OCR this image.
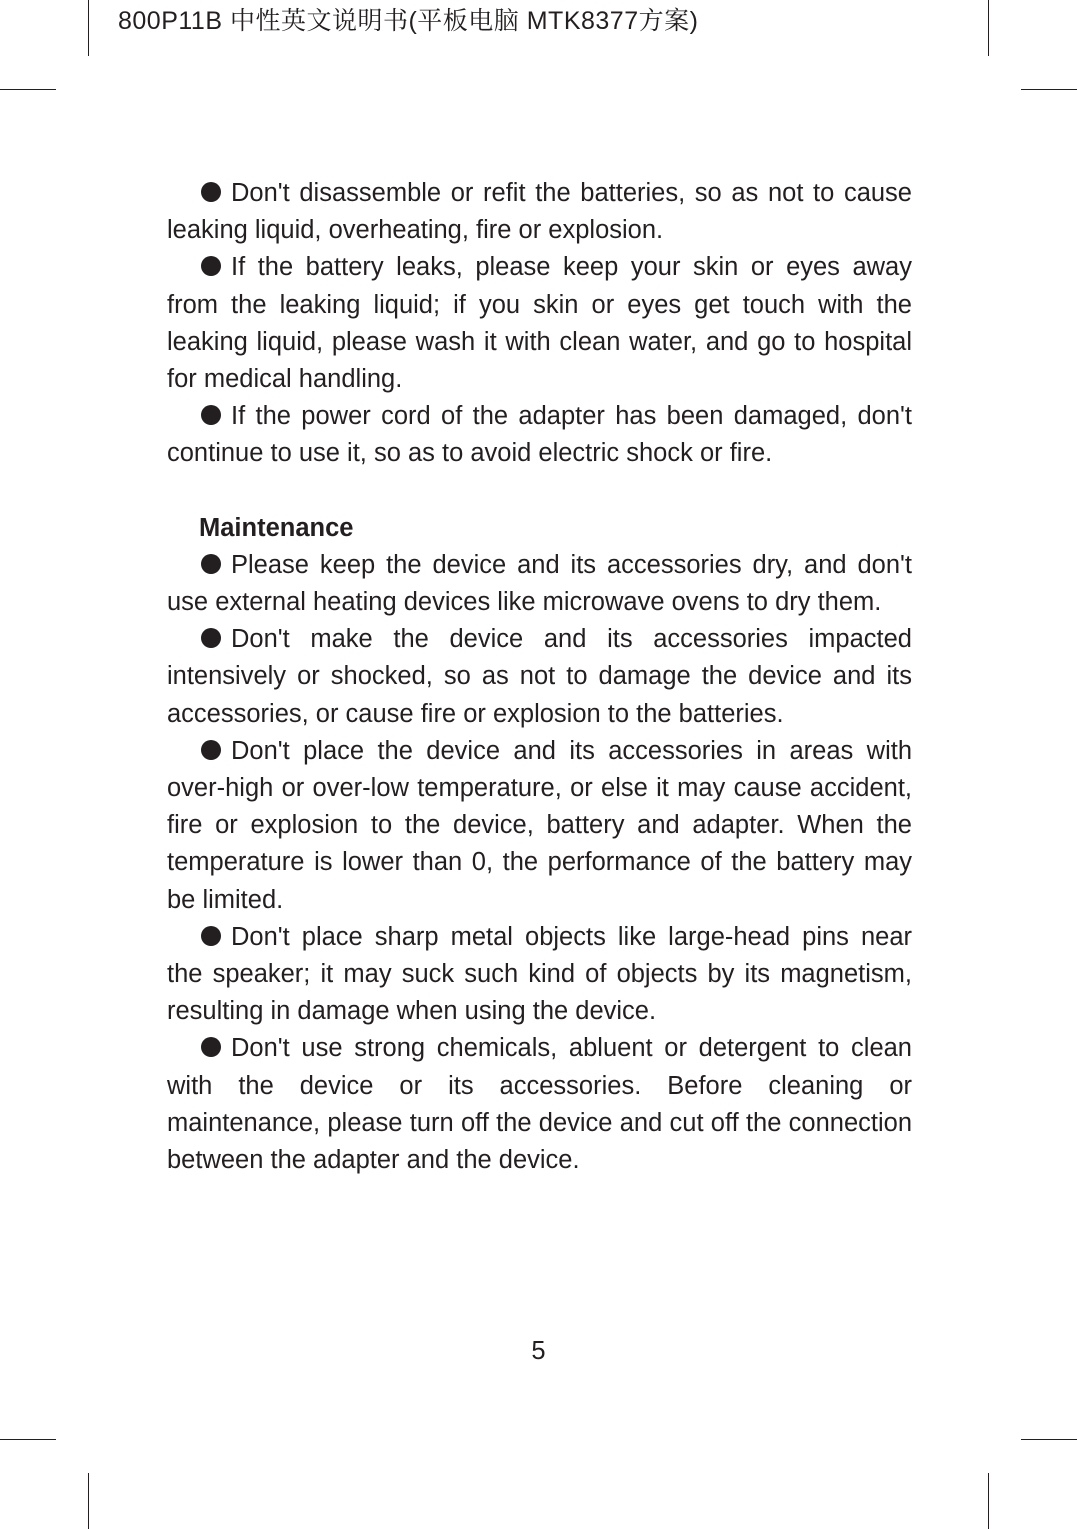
800P11B 中性英文说明书(平板电脑 MTK8377方案)

Don't disassemble or refit the batteries, so as not to cause leaking liquid, overheating, fire or explosion.

If the battery leaks, please keep your skin or eyes away from the leaking liquid; if you skin or eyes get touch with the leaking liquid, please wash it with clean water, and go to hospital for medical handling.

If the power cord of the adapter has been damaged, don't continue to use it, so as to avoid electric shock or fire.

Maintenance

Please keep the device and its accessories dry, and don't use external heating devices like microwave ovens to dry them.

Don't make the device and its accessories impacted intensively or shocked, so as not to damage the device and its accessories, or cause fire or explosion to the batteries.

Don't place the device and its accessories in areas with over-high or over-low temperature, or else it may cause accident, fire or explosion to the device, battery and adapter. When the temperature is lower than 0, the performance of the battery may be limited.

Don't place sharp metal objects like large-head pins near the speaker; it may suck such kind of objects by its magnetism, resulting in damage when using the device.

Don't use strong chemicals, abluent or detergent to clean with the device or its accessories. Before cleaning or maintenance, please turn off the device and cut off the connection between the adapter and the device.

5
